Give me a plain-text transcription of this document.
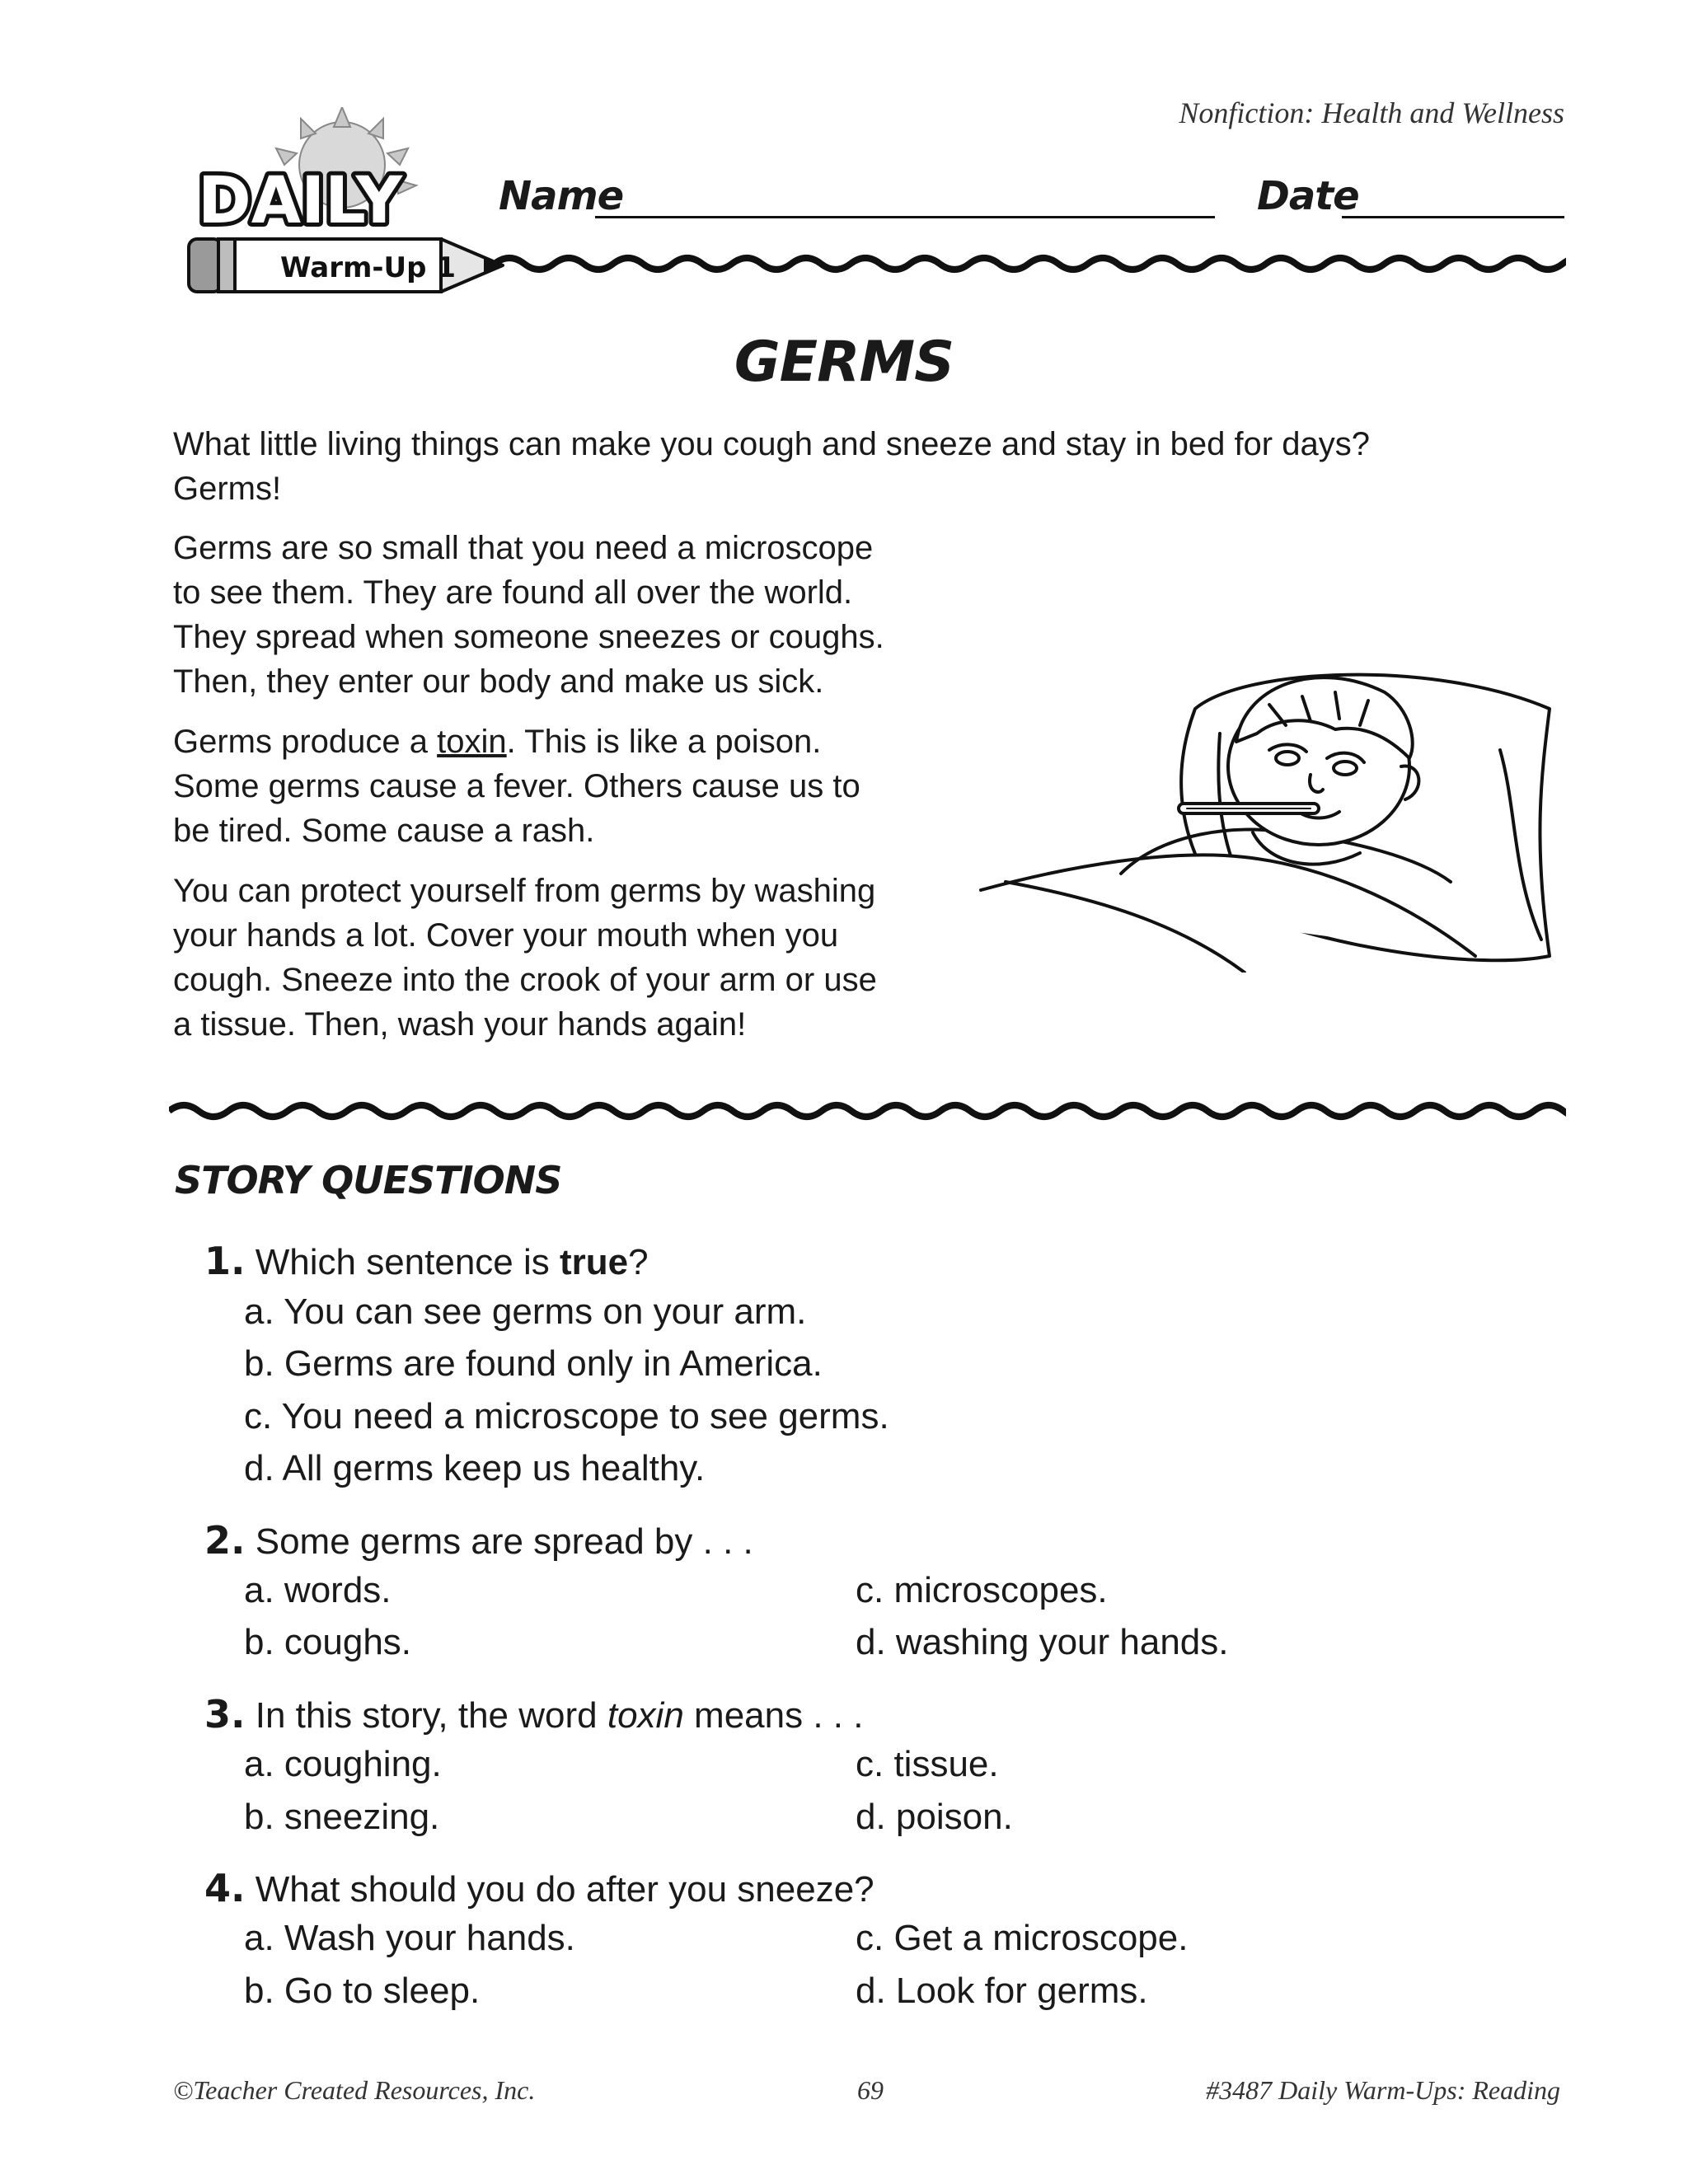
Nonfiction: Health and Wellness
DAILY
Warm-Up 1
Name	Date
GERMS

What little living things can make you cough and sneeze and stay in bed for days?
Germs!

Germs are so small that you need a microscope
to see them. They are found all over the world.
They spread when someone sneezes or coughs.
Then, they enter our body and make us sick.

Germs produce a toxin. This is like a poison.
Some germs cause a fever. Others cause us to
be tired. Some cause a rash.

You can protect yourself from germs by washing
your hands a lot. Cover your mouth when you
cough. Sneeze into the crook of your arm or use
a tissue. Then, wash your hands again!

STORY QUESTIONS
1. Which sentence is true?
a. You can see germs on your arm.
b. Germs are found only in America.
c. You need a microscope to see germs.
d. All germs keep us healthy.
2. Some germs are spread by . . .
a. words.
b. coughs.
c. microscopes.
d. washing your hands.
3. In this story, the word toxin means . . .
a. coughing.
b. sneezing.
c. tissue.
d. poison.
4. What should you do after you sneeze?
a. Wash your hands.
b. Go to sleep.
c. Get a microscope.
d. Look for germs.
©Teacher Created Resources, Inc.	69	#3487 Daily Warm-Ups: Reading
